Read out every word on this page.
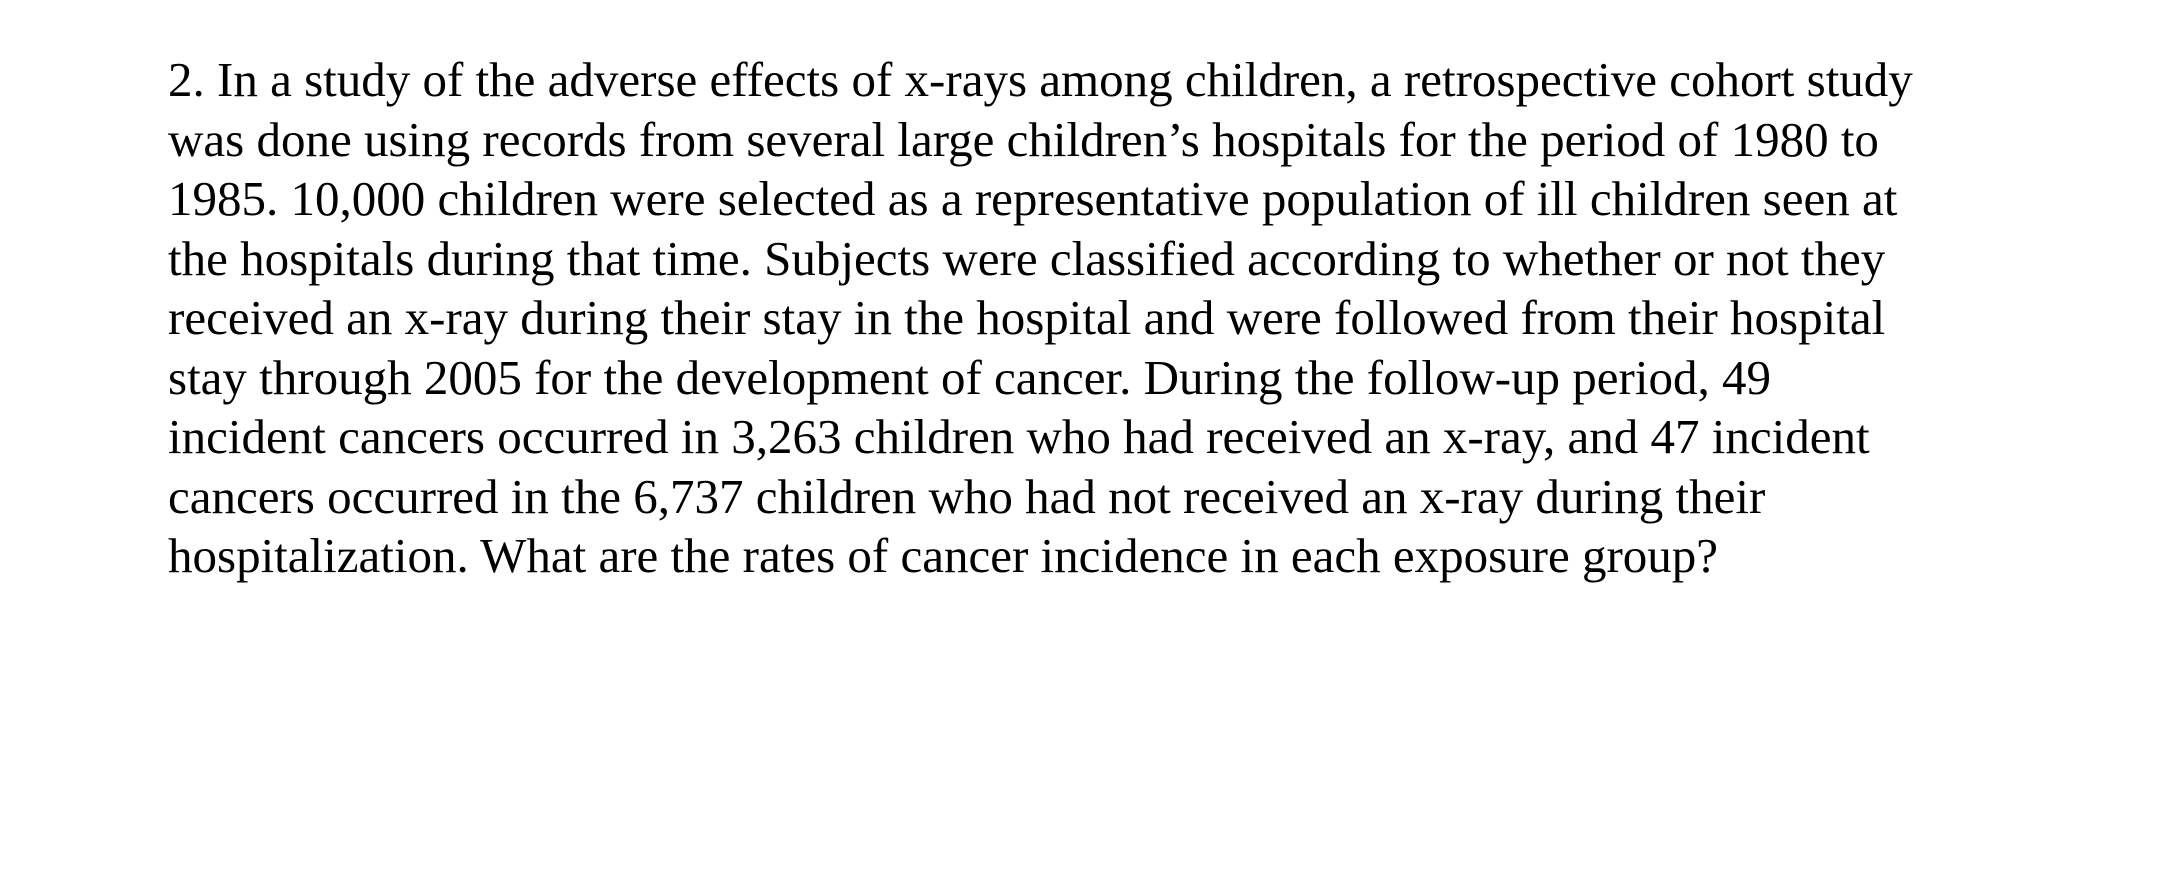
2. In a study of the adverse effects of x-rays among children, a retrospective cohort study
was done using records from several large children’s hospitals for the period of 1980 to
1985. 10,000 children were selected as a representative population of ill children seen at
the hospitals during that time. Subjects were classified according to whether or not they
received an x-ray during their stay in the hospital and were followed from their hospital
stay through 2005 for the development of cancer. During the follow-up period, 49
incident cancers occurred in 3,263 children who had received an x-ray, and 47 incident
cancers occurred in the 6,737 children who had not received an x-ray during their
hospitalization. What are the rates of cancer incidence in each exposure group?
